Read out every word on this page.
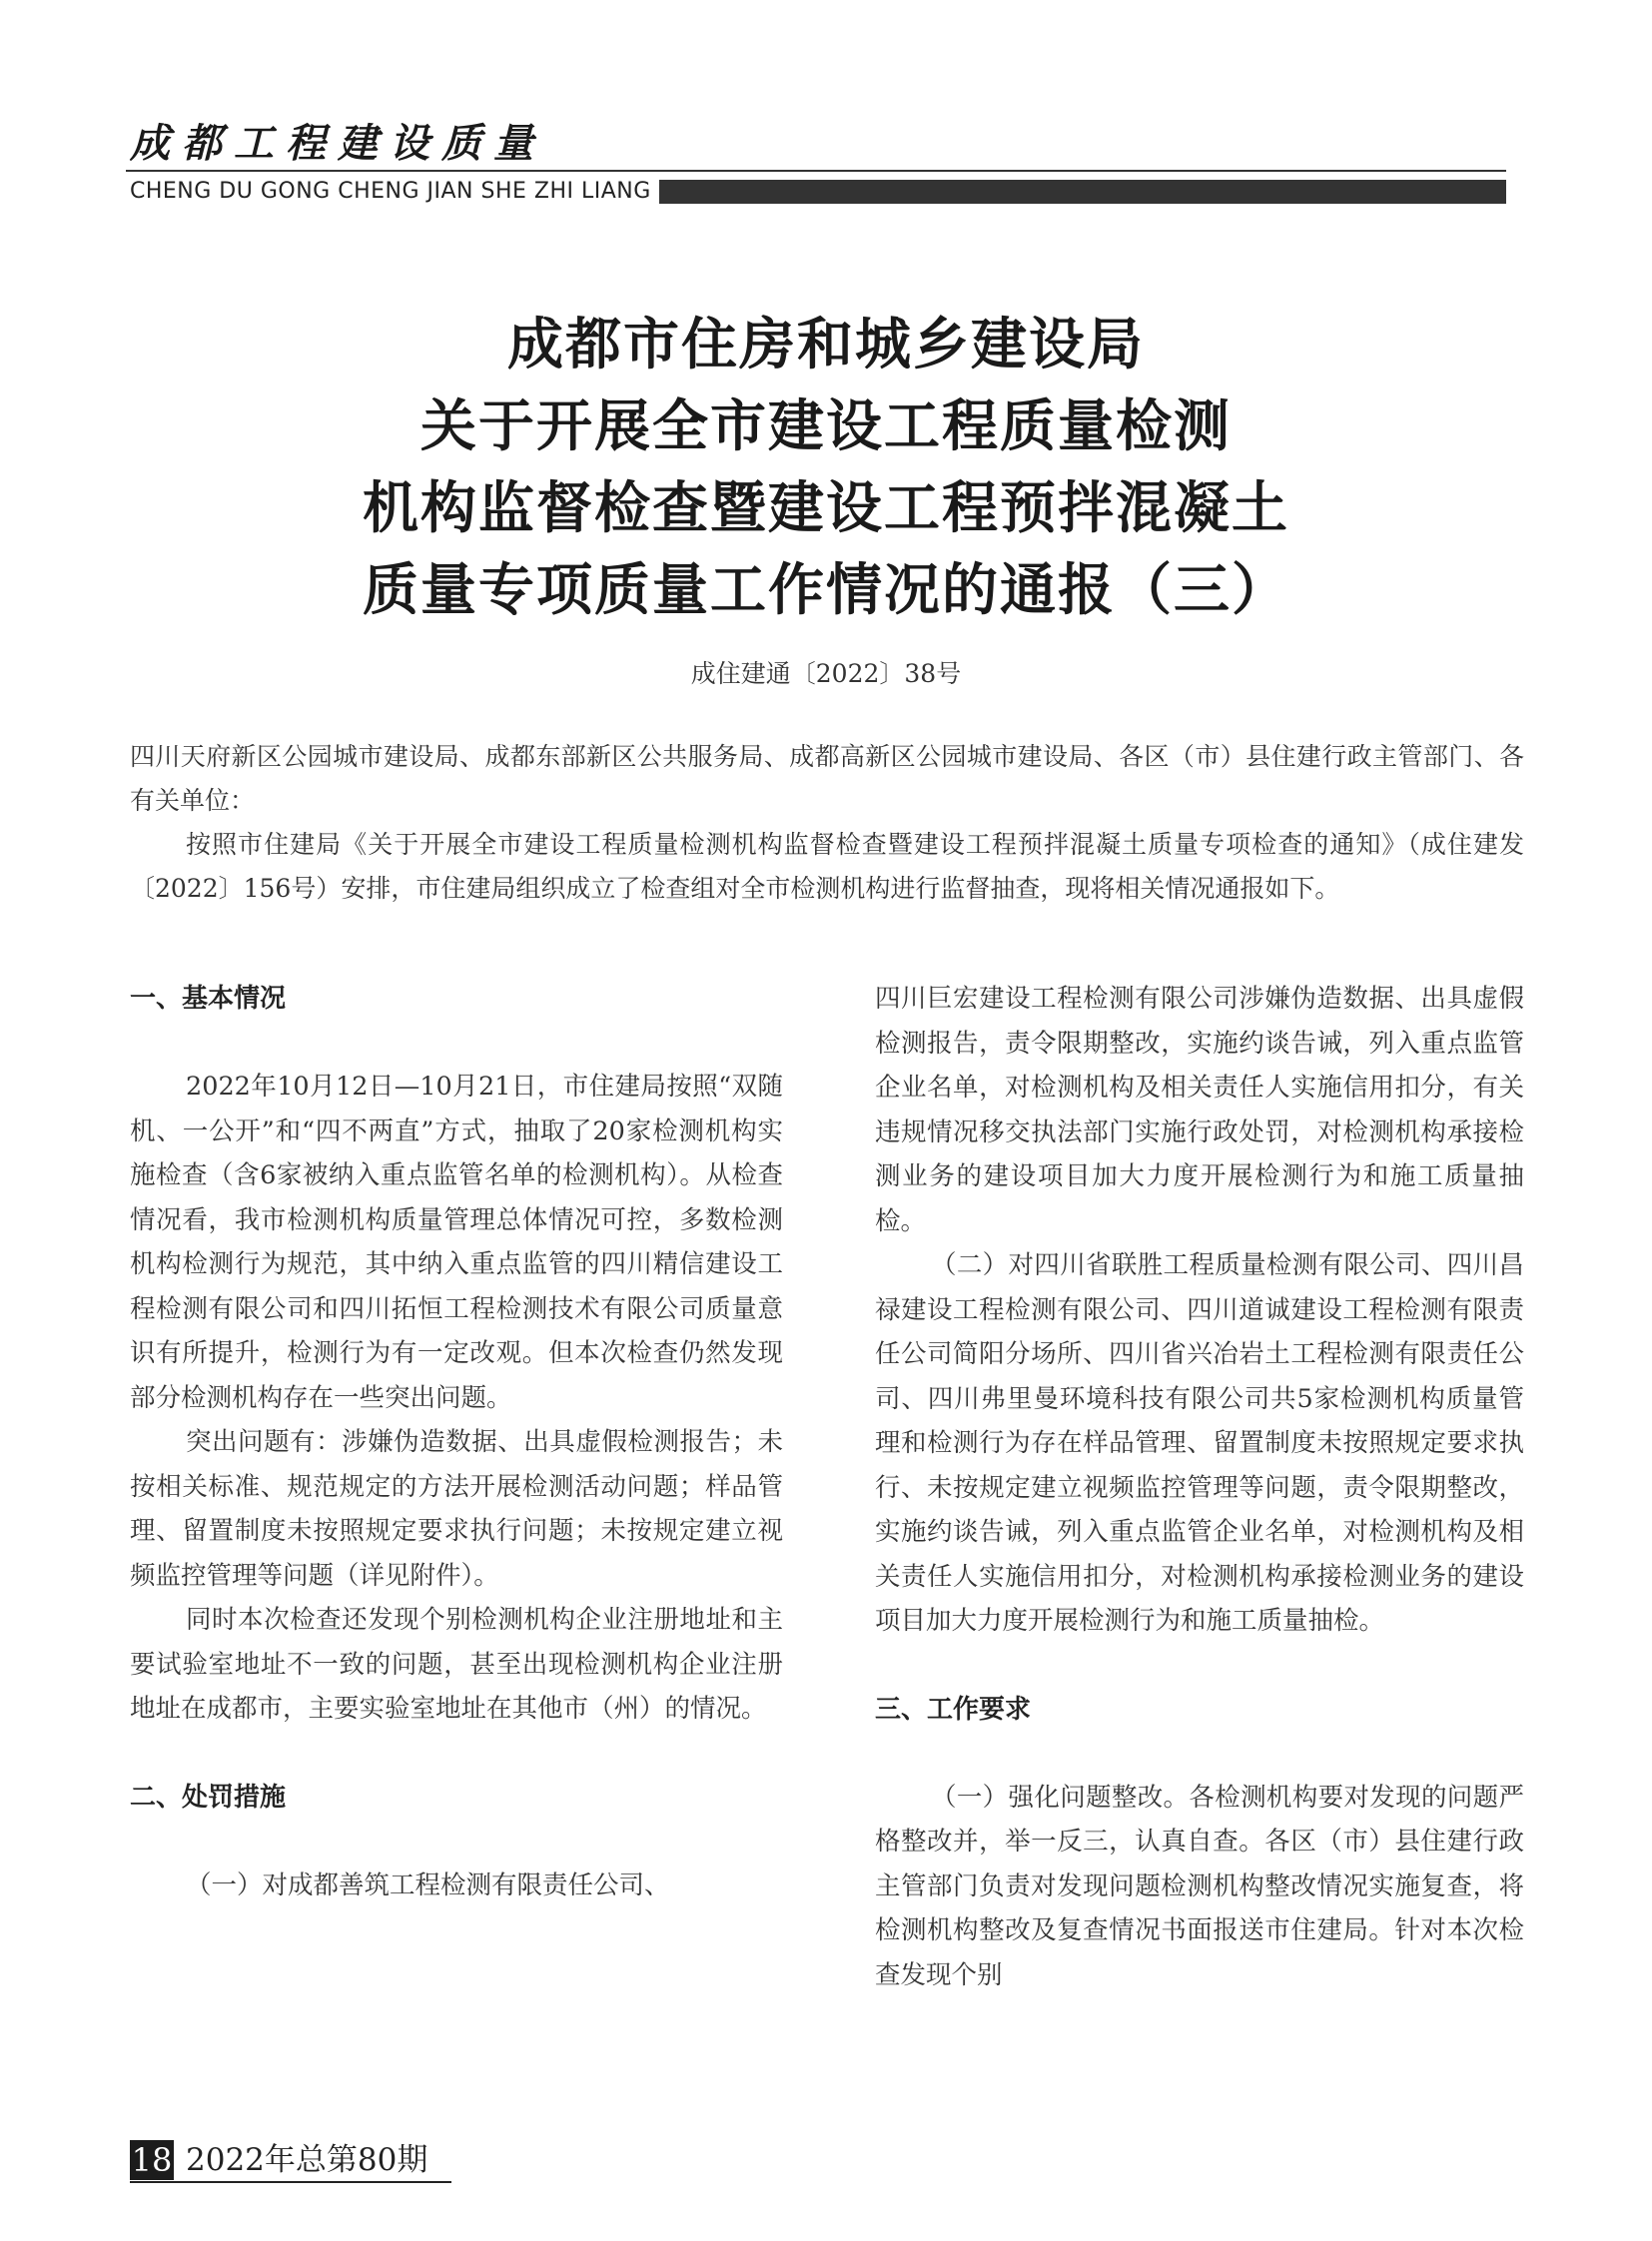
成都工程建设质量
CHENG DU GONG CHENG JIAN SHE ZHI LIANG
成都市住房和城乡建设局
关于开展全市建设工程质量检测
机构监督检查暨建设工程预拌混凝土
质量专项质量工作情况的通报（三）
成住建通〔2022〕38号

四川天府新区公园城市建设局、成都东部新区公共服务局、成都高新区公园城市建设局、各区（市）县住建行政主管部门、各有关单位：

按照市住建局《关于开展全市建设工程质量检测机构监督检查暨建设工程预拌混凝土质量专项检查的通知》（成住建发〔2022〕156号）安排，市住建局组织成立了检查组对全市检测机构进行监督抽查，现将相关情况通报如下。

一、基本情况

2022年10月12日—10月21日，市住建局按照“双随机、一公开”和“四不两直”方式，抽取了20家检测机构实施检查（含6家被纳入重点监管名单的检测机构）。从检查情况看，我市检测机构质量管理总体情况可控，多数检测机构检测行为规范，其中纳入重点监管的四川精信建设工程检测有限公司和四川拓恒工程检测技术有限公司质量意识有所提升，检测行为有一定改观。但本次检查仍然发现部分检测机构存在一些突出问题。

突出问题有：涉嫌伪造数据、出具虚假检测报告；未按相关标准、规范规定的方法开展检测活动问题；样品管理、留置制度未按照规定要求执行问题；未按规定建立视频监控管理等问题（详见附件）。

同时本次检查还发现个别检测机构企业注册地址和主要试验室地址不一致的问题，甚至出现检测机构企业注册地址在成都市，主要实验室地址在其他市（州）的情况。

二、处罚措施

（一）对成都善筑工程检测有限责任公司、

四川巨宏建设工程检测有限公司涉嫌伪造数据、出具虚假检测报告，责令限期整改，实施约谈告诫，列入重点监管企业名单，对检测机构及相关责任人实施信用扣分，有关违规情况移交执法部门实施行政处罚，对检测机构承接检测业务的建设项目加大力度开展检测行为和施工质量抽检。

（二）对四川省联胜工程质量检测有限公司、四川昌禄建设工程检测有限公司、四川道诚建设工程检测有限责任公司简阳分场所、四川省兴冶岩土工程检测有限责任公司、四川弗里曼环境科技有限公司共5家检测机构质量管理和检测行为存在样品管理、留置制度未按照规定要求执行、未按规定建立视频监控管理等问题，责令限期整改，实施约谈告诫，列入重点监管企业名单，对检测机构及相关责任人实施信用扣分，对检测机构承接检测业务的建设项目加大力度开展检测行为和施工质量抽检。

三、工作要求

（一）强化问题整改。各检测机构要对发现的问题严格整改并，举一反三，认真自查。各区（市）县住建行政主管部门负责对发现问题检测机构整改情况实施复查，将检测机构整改及复查情况书面报送市住建局。针对本次检查发现个别

18 2022年总第80期
